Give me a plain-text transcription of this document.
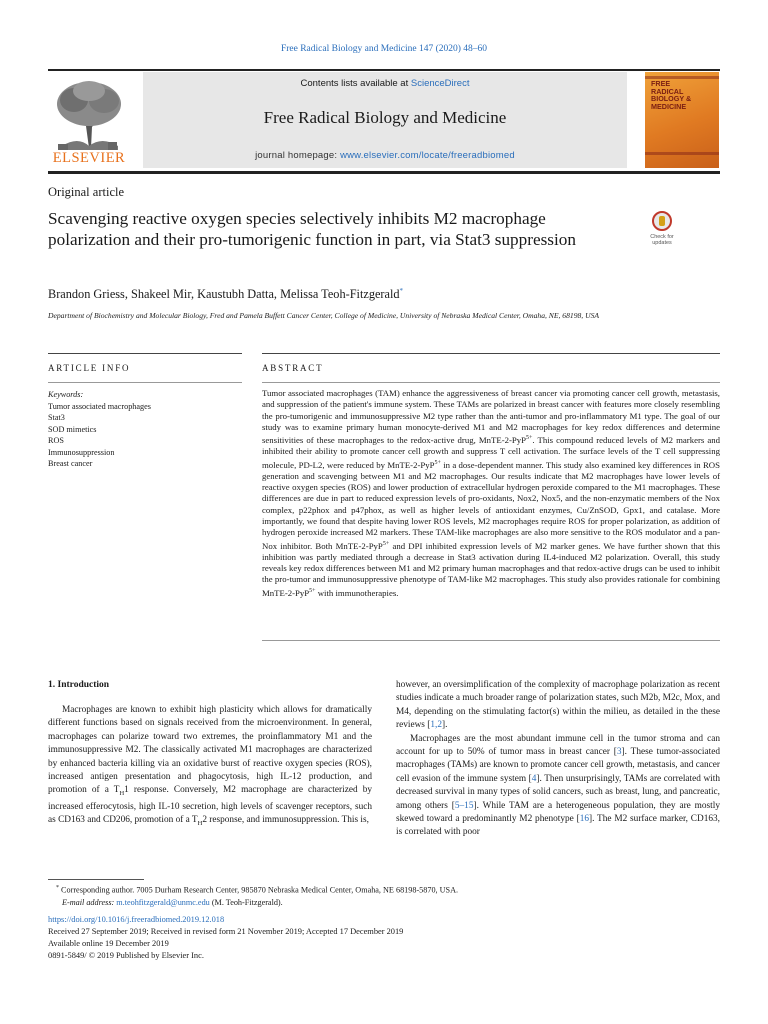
Free Radical Biology and Medicine 147 (2020) 48–60
ELSEVIER
Contents lists available at ScienceDirect
Free Radical Biology and Medicine
journal homepage: www.elsevier.com/locate/freeradbiomed
FREE
RADICAL
BIOLOGY &
MEDICINE
Original article
Scavenging reactive oxygen species selectively inhibits M2 macrophage polarization and their pro-tumorigenic function in part, via Stat3 suppression	Check for updates
Brandon Griess, Shakeel Mir, Kaustubh Datta, Melissa Teoh-Fitzgerald*
Department of Biochemistry and Molecular Biology, Fred and Pamela Buffett Cancer Center, College of Medicine, University of Nebraska Medical Center, Omaha, NE, 68198, USA
ARTICLE INFO	ABSTRACT
Keywords:
Tumor associated macrophages
Stat3
SOD mimetics
ROS
Immunosuppression
Breast cancer
Tumor associated macrophages (TAM) enhance the aggressiveness of breast cancer via promoting cancer cell growth, metastasis, and suppression of the patient's immune system. These TAMs are polarized in breast cancer with features more closely resembling the pro-tumorigenic and immunosuppressive M2 type rather than the anti-tumor and pro-inflammatory M1 type. The goal of our study was to examine primary human monocyte-derived M1 and M2 macrophages for key redox differences and determine sensitivities of these macrophages to the redox-active drug, MnTE-2-PyP$^{5+}$. This compound reduced levels of M2 markers and inhibited their ability to promote cancer cell growth and suppress T cell activation. The surface levels of the T cell suppressing molecule, PD-L2, were reduced by MnTE-2-PyP$^{5+}$ in a dose-dependent manner. This study also examined key differences in ROS generation and scavenging between M1 and M2 macrophages. Our results indicate that M2 macrophages have lower levels of reactive oxygen species (ROS) and lower production of extracellular hydrogen peroxide compared to the M1 macrophages. These differences are due in part to reduced expression levels of pro-oxidants, Nox2, Nox5, and the non-enzymatic members of the Nox complex, p22phox and p47phox, as well as higher levels of antioxidant enzymes, Cu/ZnSOD, Gpx1, and catalase. More importantly, we found that despite having lower ROS levels, M2 macrophages require ROS for proper polarization, as addition of hydrogen peroxide increased M2 markers. These TAM-like macrophages are also more sensitive to the ROS modulator and a pan-Nox inhibitor. Both MnTE-2-PyP$^{5+}$ and DPI inhibited expression levels of M2 marker genes. We have further shown that this inhibition was partly mediated through a decrease in Stat3 activation during IL4-induced M2 polarization. Overall, this study reveals key redox differences between M1 and M2 primary human macrophages and that redox-active drugs can be used to inhibit the pro-tumor and immunosuppressive phenotype of TAM-like M2 macrophages. This study also provides rationale for combining MnTE-2-PyP$^{5+}$ with immunotherapies.
1. Introduction
Macrophages are known to exhibit high plasticity which allows for dramatically different functions based on signals received from the microenvironment. In general, macrophages can polarize toward two extremes, the proinflammatory M1 and the immunosuppressive M2. The classically activated M1 macrophages are characterized by enhanced bacteria killing via an oxidative burst of reactive oxygen species (ROS), increased antigen presentation and phagocytosis, high IL-12 production, and promotion of a $T_H1$ response. Conversely, M2 macrophage are characterized by increased efferocytosis, high IL-10 secretion, high levels of scavenger receptors, such as CD163 and CD206, promotion of a $T_H2$ response, and immunosuppression. This is,

however, an oversimplification of the complexity of macrophage polarization as recent studies indicate a much broader range of polarization states, such M2b, M2c, Mox, and M4, depending on the stimulating factor(s) within the milieu, as detailed in the these reviews [1,2].

Macrophages are the most abundant immune cell in the tumor stroma and can account for up to 50% of tumor mass in breast cancer [3]. These tumor-associated macrophages (TAMs) are known to promote cancer cell growth, metastasis, and cancer cell evasion of the immune system [4]. Then unsurprisingly, TAMs are correlated with decreased survival in many types of solid cancers, such as breast, lung, and pancreatic, among others [5–15]. While TAM are a heterogeneous population, they are mostly skewed toward a predominantly M2 phenotype [16]. The M2 surface marker, CD163, is correlated with poor

* Corresponding author. 7005 Durham Research Center, 985870 Nebraska Medical Center, Omaha, NE 68198-5870, USA.
E-mail address: m.teohfitzgerald@unmc.edu (M. Teoh-Fitzgerald).
https://doi.org/10.1016/j.freeradbiomed.2019.12.018
Received 27 September 2019; Received in revised form 21 November 2019; Accepted 17 December 2019
Available online 19 December 2019
0891-5849/ © 2019 Published by Elsevier Inc.
